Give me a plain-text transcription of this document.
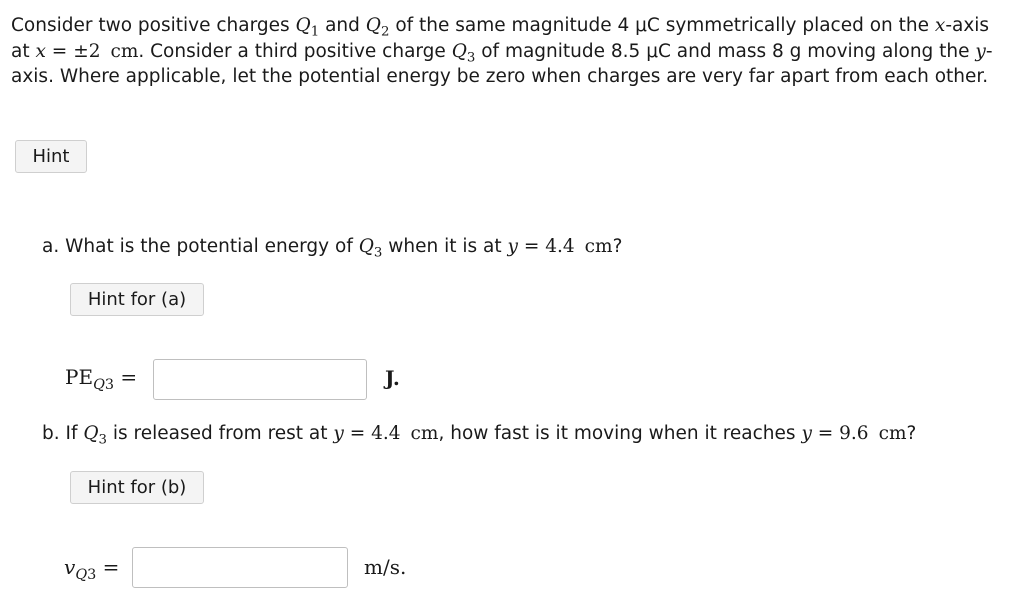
Consider two positive charges $Q_1$ and $Q_2$ of the same magnitude 4 μC symmetrically placed on the x-axis at x = ±2 cm. Consider a third positive charge $Q_3$ of magnitude 8.5 μC and mass 8 g moving along the y-axis. Where applicable, let the potential energy be zero when charges are very far apart from each other.
Hint
a. What is the potential energy of $Q_3$ when it is at y = 4.4 cm?
Hint for (a)
$PE_{Q3}$ =	J.
b. If $Q_3$ is released from rest at y = 4.4 cm, how fast is it moving when it reaches y = 9.6 cm?
Hint for (b)
$v_{Q3}$ =	m/s.
